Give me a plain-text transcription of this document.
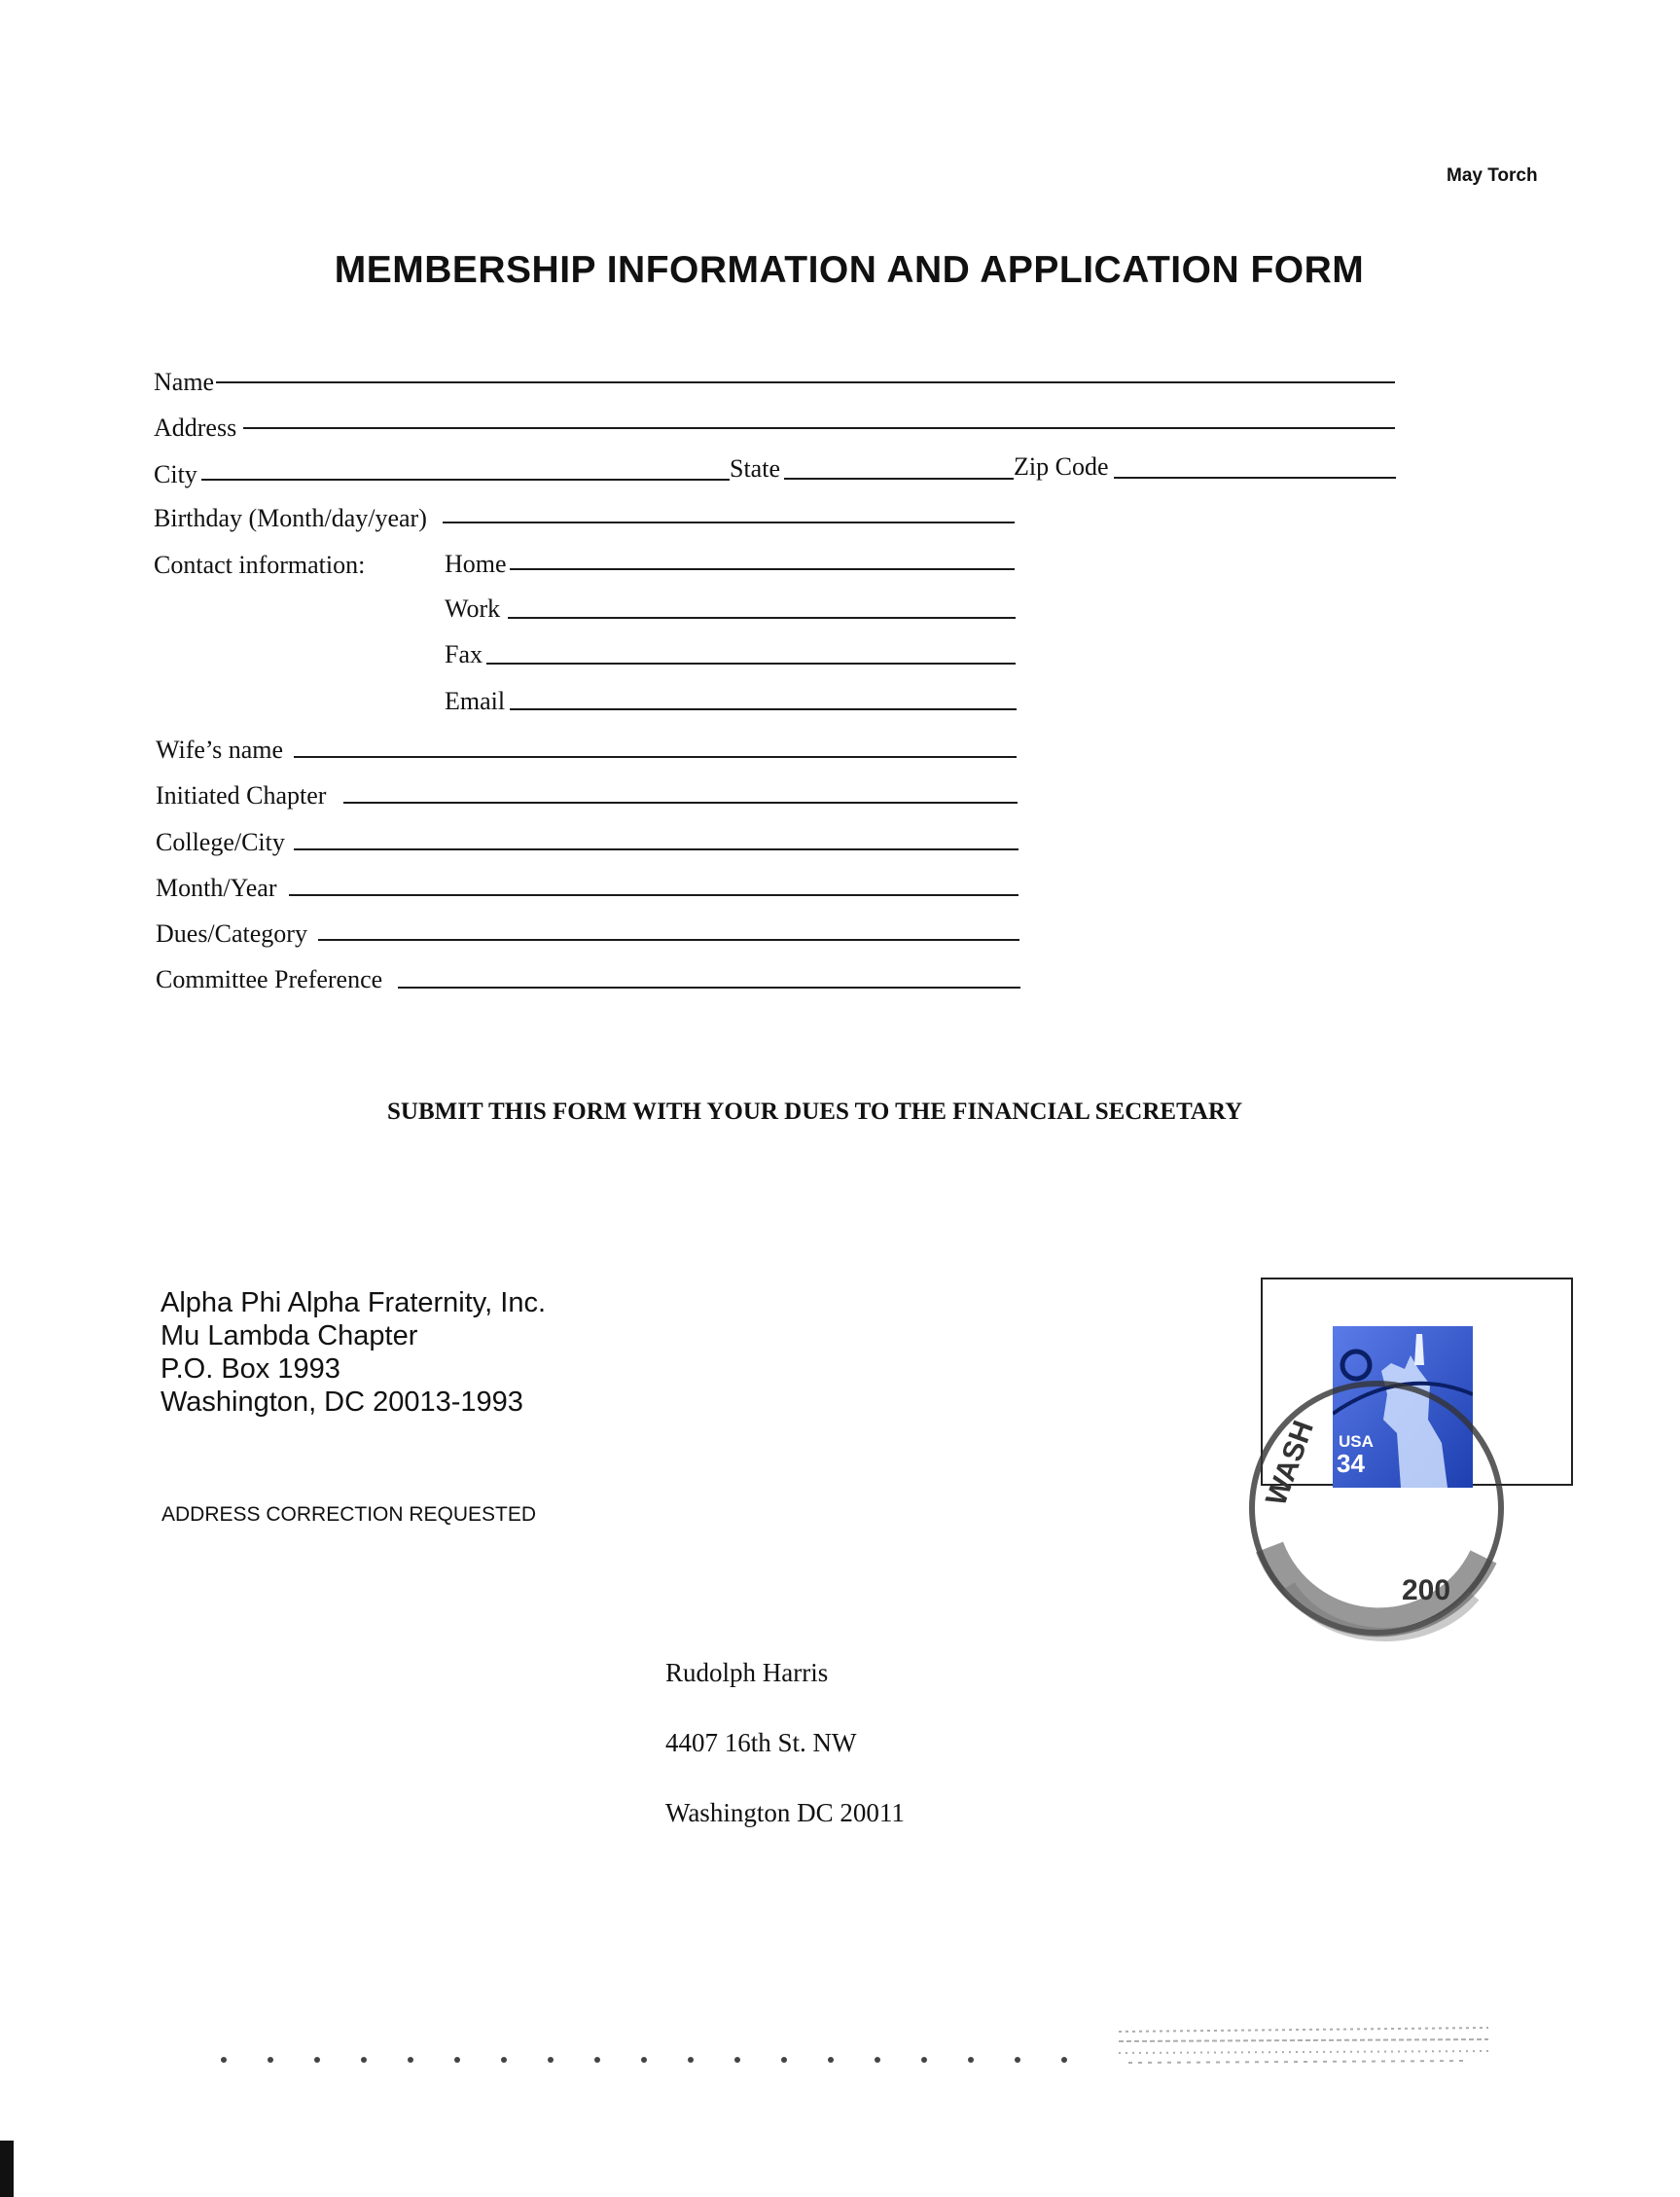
May Torch
MEMBERSHIP INFORMATION AND APPLICATION FORM
Name
Address
City	State	Zip Code
Birthday (Month/day/year)
Contact information:	Home
Work
Fax
Email
Wife’s name
Initiated Chapter
College/City
Month/Year
Dues/Category
Committee Preference
SUBMIT THIS FORM WITH YOUR DUES TO THE FINANCIAL SECRETARY
Alpha Phi Alpha Fraternity, Inc.
Mu Lambda Chapter
P.O. Box 1993
Washington, DC 20013-1993
ADDRESS CORRECTION REQUESTED
Rudolph Harris
4407 16th St. NW
Washington DC 20011
USA
34
WASH
200
